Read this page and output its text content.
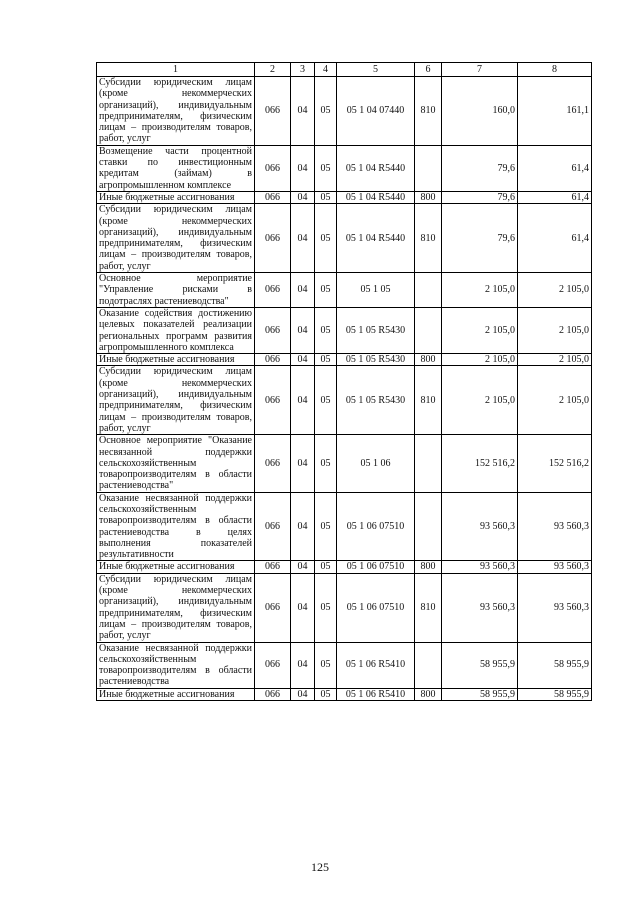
1	2	3	4	5	6	7	8
Субсидии юридическим лицам (кроме некоммерческих организаций), индивидуальным предпринимателям, физическим лицам – производителям товаров, работ, услуг	066	04	05	05 1 04 07440	810	160,0	161,1
Возмещение части процентной ставки по инвестиционным кредитам (займам) в агропромышленном комплексе	066	04	05	05 1 04 R5440		79,6	61,4
Иные бюджетные ассигнования	066	04	05	05 1 04 R5440	800	79,6	61,4
Субсидии юридическим лицам (кроме некоммерческих организаций), индивидуальным предпринимателям, физическим лицам – производителям товаров, работ, услуг	066	04	05	05 1 04 R5440	810	79,6	61,4
Основное мероприятие "Управление рисками в подотраслях растениеводства"	066	04	05	05 1 05		2 105,0	2 105,0
Оказание содействия достижению целевых показателей реализации региональных программ развития агропромышленного комплекса	066	04	05	05 1 05 R5430		2 105,0	2 105,0
Иные бюджетные ассигнования	066	04	05	05 1 05 R5430	800	2 105,0	2 105,0
Субсидии юридическим лицам (кроме некоммерческих организаций), индивидуальным предпринимателям, физическим лицам – производителям товаров, работ, услуг	066	04	05	05 1 05 R5430	810	2 105,0	2 105,0
Основное мероприятие "Оказание несвязанной поддержки сельскохозяйственным товаропроизводителям в области растениеводства"	066	04	05	05 1 06		152 516,2	152 516,2
Оказание несвязанной поддержки сельскохозяйственным товаропроизводителям в области растениеводства в целях выполнения показателей результативности	066	04	05	05 1 06 07510		93 560,3	93 560,3
Иные бюджетные ассигнования	066	04	05	05 1 06 07510	800	93 560,3	93 560,3
Субсидии юридическим лицам (кроме некоммерческих организаций), индивидуальным предпринимателям, физическим лицам – производителям товаров, работ, услуг	066	04	05	05 1 06 07510	810	93 560,3	93 560,3
Оказание несвязанной поддержки сельскохозяйственным товаропроизводителям в области растениеводства	066	04	05	05 1 06 R5410		58 955,9	58 955,9
Иные бюджетные ассигнования	066	04	05	05 1 06 R5410	800	58 955,9	58 955,9
125
